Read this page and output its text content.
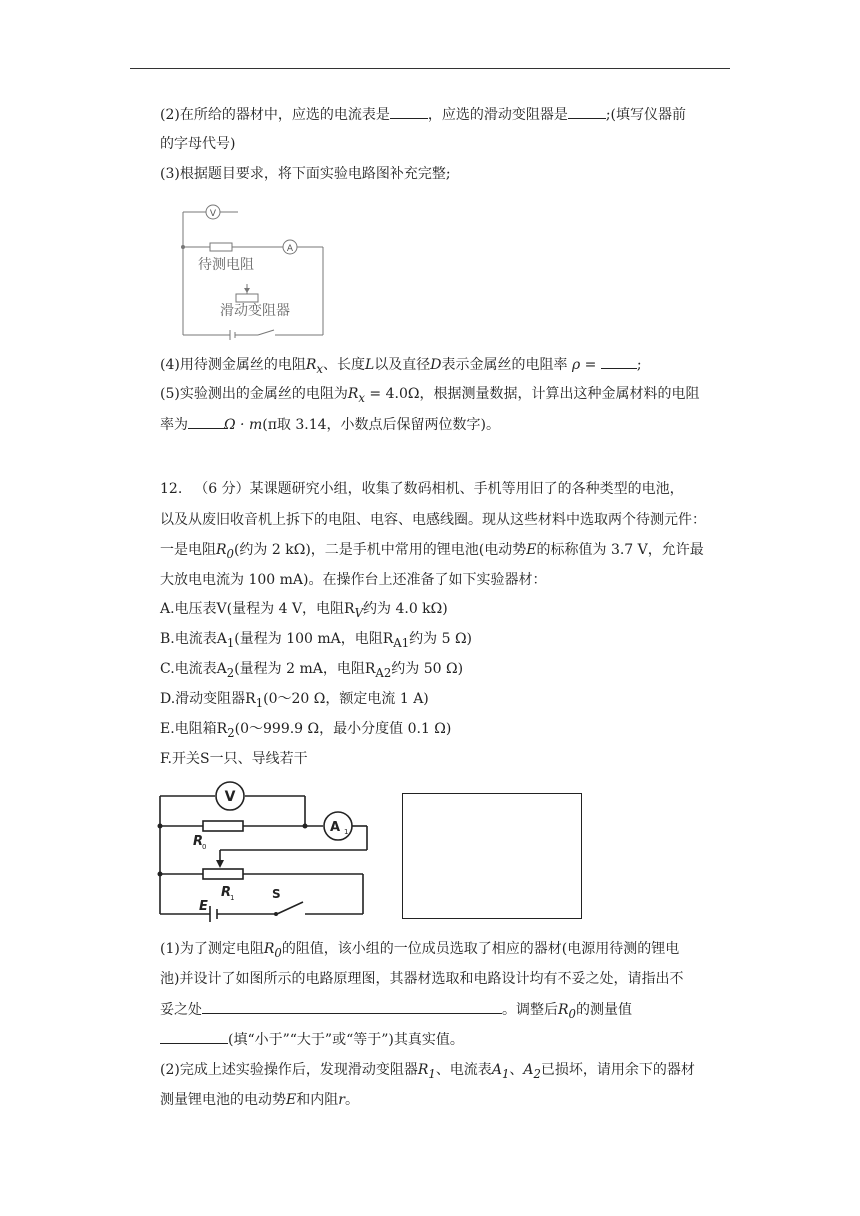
(2)在所给的器材中，应选的电流表是	，应选的滑动变阻器是	;(填写仪器前
的字母代号)
(3)根据题目要求，将下面实验电路图补充完整;
V
A
待测电阻
滑动变阻器
(4)用待测金属丝的电阻$R_x$、长度L以及直径D表示金属丝的电阻率 ρ =	;
(5)实验测出的金属丝的电阻为$R_x = 4.0\Omega$，根据测量数据，计算出这种金属材料的电阻
率为	Ω · m(π取 3.14，小数点后保留两位数字)。
12. （6 分）某课题研究小组，收集了数码相机、手机等用旧了的各种类型的电池，
以及从废旧收音机上拆下的电阻、电容、电感线圈。现从这些材料中选取两个待测元件：
一是电阻$R_0$(约为 2 kΩ)，二是手机中常用的锂电池(电动势E的标称值为 3.7 V，允许最
大放电电流为 100 mA)。在操作台上还准备了如下实验器材：
A.电压表V(量程为 4 V，电阻$R_V$约为 4.0 kΩ)
B.电流表$A_1$(量程为 100 mA，电阻$R_{A1}$约为 5 Ω)
C.电流表$A_2$(量程为 2 mA，电阻$R_{A2}$约为 50 Ω)
D.滑动变阻器$R_1(0\sim 20$ Ω，额定电流 1 A)
E.电阻箱$R_2(0\sim 999.9$ Ω，最小分度值 0.1 Ω)
F.开关S一只、导线若干
V
A 1
R
0
R
1
E
S
(1)为了测定电阻$R_0$的阻值，该小组的一位成员选取了相应的器材(电源用待测的锂电
池)并设计了如图所示的电路原理图，其器材选取和电路设计均有不妥之处，请指出不
妥之处	。调整后$R_0$的测量值
(填“小于”“大于”或“等于”)其真实值。
(2)完成上述实验操作后，发现滑动变阻器$R_1$、电流表$A_1$、$A_2$已损坏，请用余下的器材
测量锂电池的电动势E和内阻r。
